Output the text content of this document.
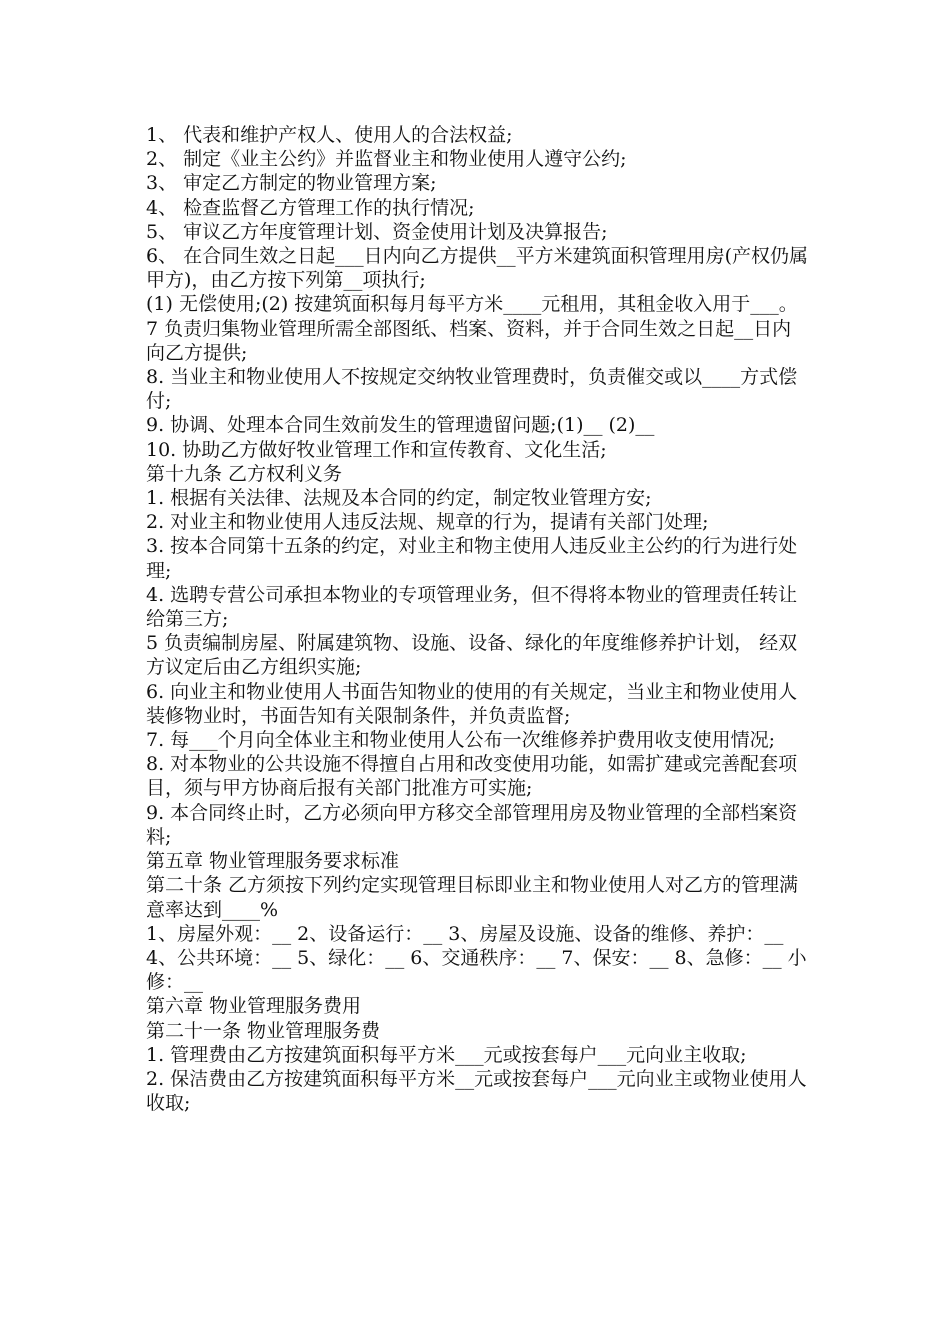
1、 代表和维护产权人、使用人的合法权益;

2、 制定《业主公约》并监督业主和物业使用人遵守公约;

3、 审定乙方制定的物业管理方案;

4、 检查监督乙方管理工作的执行情况;

5、 审议乙方年度管理计划、资金使用计划及决算报告;

6、 在合同生效之日起___日内向乙方提供__平方米建筑面积管理用房(产权仍属甲方)，由乙方按下列第__项执行;

(1) 无偿使用;(2) 按建筑面积每月每平方米____元租用，其租金收入用于___。

7 负责归集物业管理所需全部图纸、档案、资料，并于合同生效之日起__日内向乙方提供;

8. 当业主和物业使用人不按规定交纳牧业管理费时，负责催交或以____方式偿付;

9. 协调、处理本合同生效前发生的管理遗留问题;(1)__ (2)__

10. 协助乙方做好牧业管理工作和宣传教育、文化生活;

第十九条 乙方权利义务

1. 根据有关法律、法规及本合同的约定，制定牧业管理方安;

2. 对业主和物业使用人违反法规、规章的行为，提请有关部门处理;

3. 按本合同第十五条的约定，对业主和物主使用人违反业主公约的行为进行处理;

4. 选聘专营公司承担本物业的专项管理业务，但不得将本物业的管理责任转让给第三方;

5 负责编制房屋、附属建筑物、设施、设备、绿化的年度维修养护计划， 经双方议定后由乙方组织实施;

6. 向业主和物业使用人书面告知物业的使用的有关规定，当业主和物业使用人装修物业时，书面告知有关限制条件，并负责监督;

7. 每___个月向全体业主和物业使用人公布一次维修养护费用收支使用情况;

8. 对本物业的公共设施不得擅自占用和改变使用功能，如需扩建或完善配套项目，须与甲方协商后报有关部门批准方可实施;

9. 本合同终止时，乙方必须向甲方移交全部管理用房及物业管理的全部档案资料;

第五章 物业管理服务要求标准

第二十条 乙方须按下列约定实现管理目标即业主和物业使用人对乙方的管理满意率达到____%

1、房屋外观：__ 2、设备运行：__ 3、房屋及设施、设备的维修、养护：__ 4、公共环境：__ 5、绿化：__ 6、交通秩序：__ 7、保安：__ 8、急修：__ 小修：__

第六章 物业管理服务费用

第二十一条 物业管理服务费

1. 管理费由乙方按建筑面积每平方米___元或按套每户___元向业主收取;

2. 保洁费由乙方按建筑面积每平方米__元或按套每户___元向业主或物业使用人收取;
